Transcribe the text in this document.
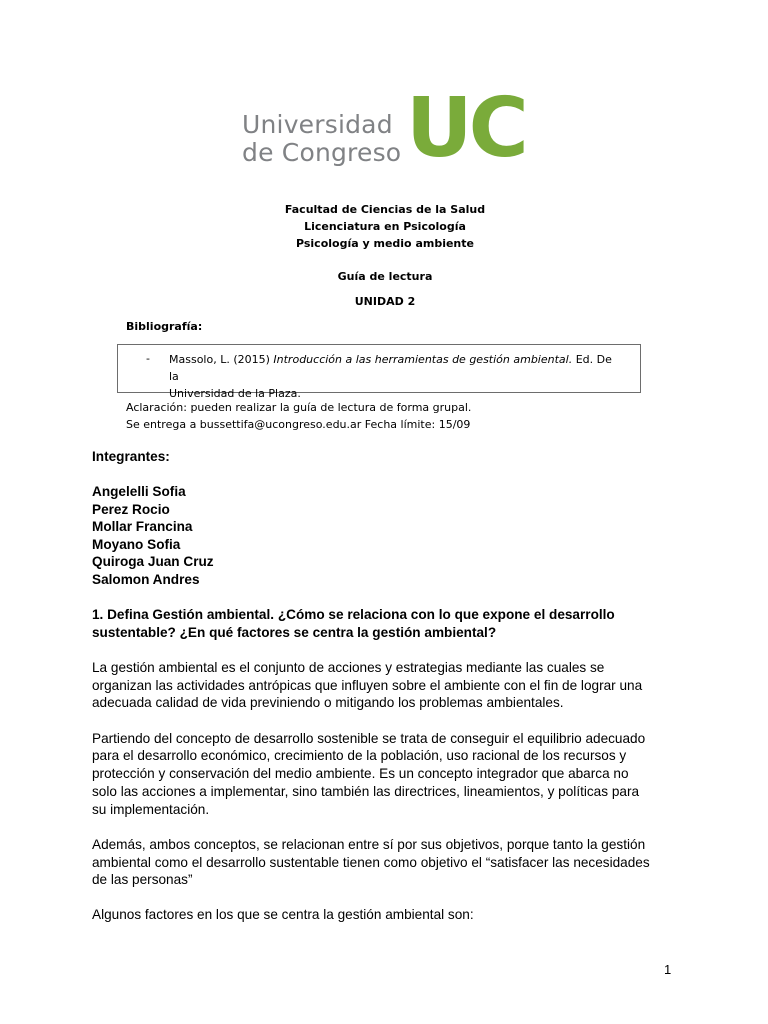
Universidad
de Congreso UC
Facultad de Ciencias de la Salud
Licenciatura en Psicología
Psicología y medio ambiente
Guía de lectura
UNIDAD 2
Bibliografía:
- Massolo, L. (2015) Introducción a las herramientas de gestión ambiental. Ed. De la
Universidad de la Plaza.
Aclaración: pueden realizar la guía de lectura de forma grupal.
Se entrega a bussettifa@ucongreso.edu.ar Fecha límite: 15/09
Integrantes:
Angelelli Sofia
Perez Rocio
Mollar Francina
Moyano Sofia
Quiroga Juan Cruz
Salomon Andres
1. Defina Gestión ambiental. ¿Cómo se relaciona con lo que expone el desarrollo
sustentable? ¿En qué factores se centra la gestión ambiental?
La gestión ambiental es el conjunto de acciones y estrategias mediante las cuales se
organizan las actividades antrópicas que influyen sobre el ambiente con el fin de lograr una
adecuada calidad de vida previniendo o mitigando los problemas ambientales.
Partiendo del concepto de desarrollo sostenible se trata de conseguir el equilibrio adecuado
para el desarrollo económico, crecimiento de la población, uso racional de los recursos y
protección y conservación del medio ambiente. Es un concepto integrador que abarca no
solo las acciones a implementar, sino también las directrices, lineamientos, y políticas para
su implementación.
Además, ambos conceptos, se relacionan entre sí por sus objetivos, porque tanto la gestión
ambiental como el desarrollo sustentable tienen como objetivo el “satisfacer las necesidades
de las personas”
Algunos factores en los que se centra la gestión ambiental son:
1
